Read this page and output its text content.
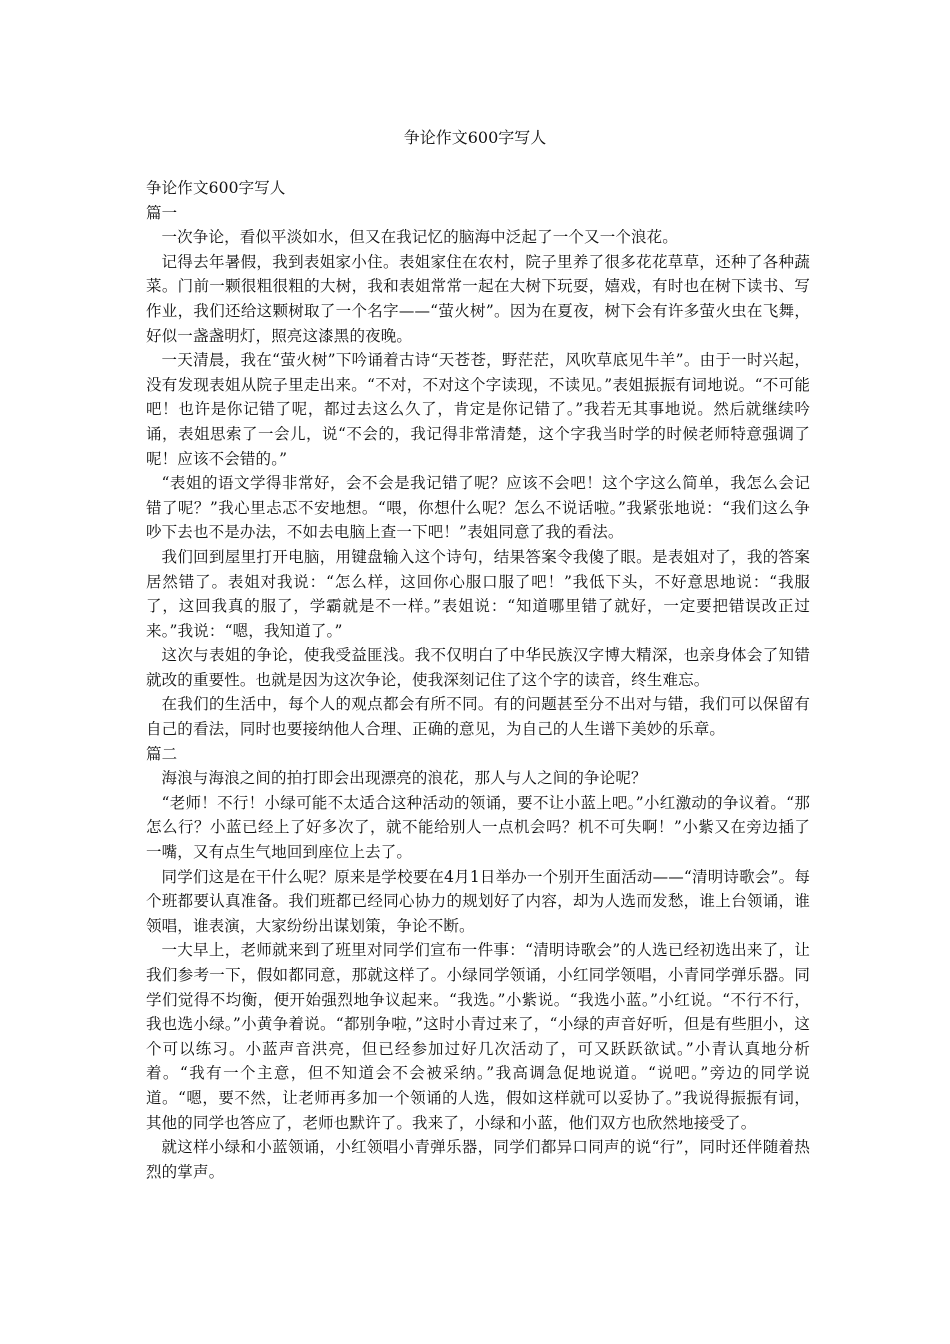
争论作文600字写人

争论作文600字写人

篇一

一次争论，看似平淡如水，但又在我记忆的脑海中泛起了一个又一个浪花。

记得去年暑假，我到表姐家小住。表姐家住在农村，院子里养了很多花花草草，还种了各种蔬菜。门前一颗很粗很粗的大树，我和表姐常常一起在大树下玩耍，嬉戏，有时也在树下读书、写作业，我们还给这颗树取了一个名字——“萤火树”。因为在夏夜，树下会有许多萤火虫在飞舞，好似一盏盏明灯，照亮这漆黑的夜晚。

一天清晨，我在“萤火树”下吟诵着古诗“天苍苍，野茫茫，风吹草底见牛羊”。由于一时兴起，没有发现表姐从院子里走出来。“不对，不对这个字读现，不读见。”表姐振振有词地说。“不可能吧！也许是你记错了呢，都过去这么久了，肯定是你记错了。”我若无其事地说。然后就继续吟诵，表姐思索了一会儿，说“不会的，我记得非常清楚，这个字我当时学的时候老师特意强调了呢！应该不会错的。”

“表姐的语文学得非常好，会不会是我记错了呢？应该不会吧！这个字这么简单，我怎么会记错了呢？”我心里忐忑不安地想。“喂，你想什么呢？怎么不说话啦。”我紧张地说：“我们这么争吵下去也不是办法，不如去电脑上查一下吧！”表姐同意了我的看法。

我们回到屋里打开电脑，用键盘输入这个诗句，结果答案令我傻了眼。是表姐对了，我的答案居然错了。表姐对我说：“怎么样，这回你心服口服了吧！”我低下头，不好意思地说：“我服了，这回我真的服了，学霸就是不一样。”表姐说：“知道哪里错了就好，一定要把错误改正过来。”我说：“嗯，我知道了。”

这次与表姐的争论，使我受益匪浅。我不仅明白了中华民族汉字博大精深，也亲身体会了知错就改的重要性。也就是因为这次争论，使我深刻记住了这个字的读音，终生难忘。

在我们的生活中，每个人的观点都会有所不同。有的问题甚至分不出对与错，我们可以保留有自己的看法，同时也要接纳他人合理、正确的意见，为自己的人生谱下美妙的乐章。

篇二

海浪与海浪之间的拍打即会出现漂亮的浪花，那人与人之间的争论呢？

“老师！不行！小绿可能不太适合这种活动的领诵，要不让小蓝上吧。”小红激动的争议着。“那怎么行？小蓝已经上了好多次了，就不能给别人一点机会吗？机不可失啊！”小紫又在旁边插了一嘴，又有点生气地回到座位上去了。

同学们这是在干什么呢？原来是学校要在4月1日举办一个别开生面活动——“清明诗歌会”。每个班都要认真准备。我们班都已经同心协力的规划好了内容，却为人选而发愁，谁上台领诵，谁领唱，谁表演，大家纷纷出谋划策，争论不断。

一大早上，老师就来到了班里对同学们宣布一件事：“清明诗歌会”的人选已经初选出来了，让我们参考一下，假如都同意，那就这样了。小绿同学领诵，小红同学领唱，小青同学弹乐器。同学们觉得不均衡，便开始强烈地争议起来。“我选。”小紫说。“我选小蓝。”小红说。“不行不行，我也选小绿。”小黄争着说。“都别争啦，”这时小青过来了，“小绿的声音好听，但是有些胆小，这个可以练习。小蓝声音洪亮，但已经参加过好几次活动了，可又跃跃欲试。”小青认真地分析着。“我有一个主意，但不知道会不会被采纳。”我高调急促地说道。“说吧。”旁边的同学说道。“嗯，要不然，让老师再多加一个领诵的人选，假如这样就可以妥协了。”我说得振振有词，其他的同学也答应了，老师也默许了。我来了，小绿和小蓝，他们双方也欣然地接受了。

就这样小绿和小蓝领诵，小红领唱小青弹乐器，同学们都异口同声的说“行”，同时还伴随着热烈的掌声。
